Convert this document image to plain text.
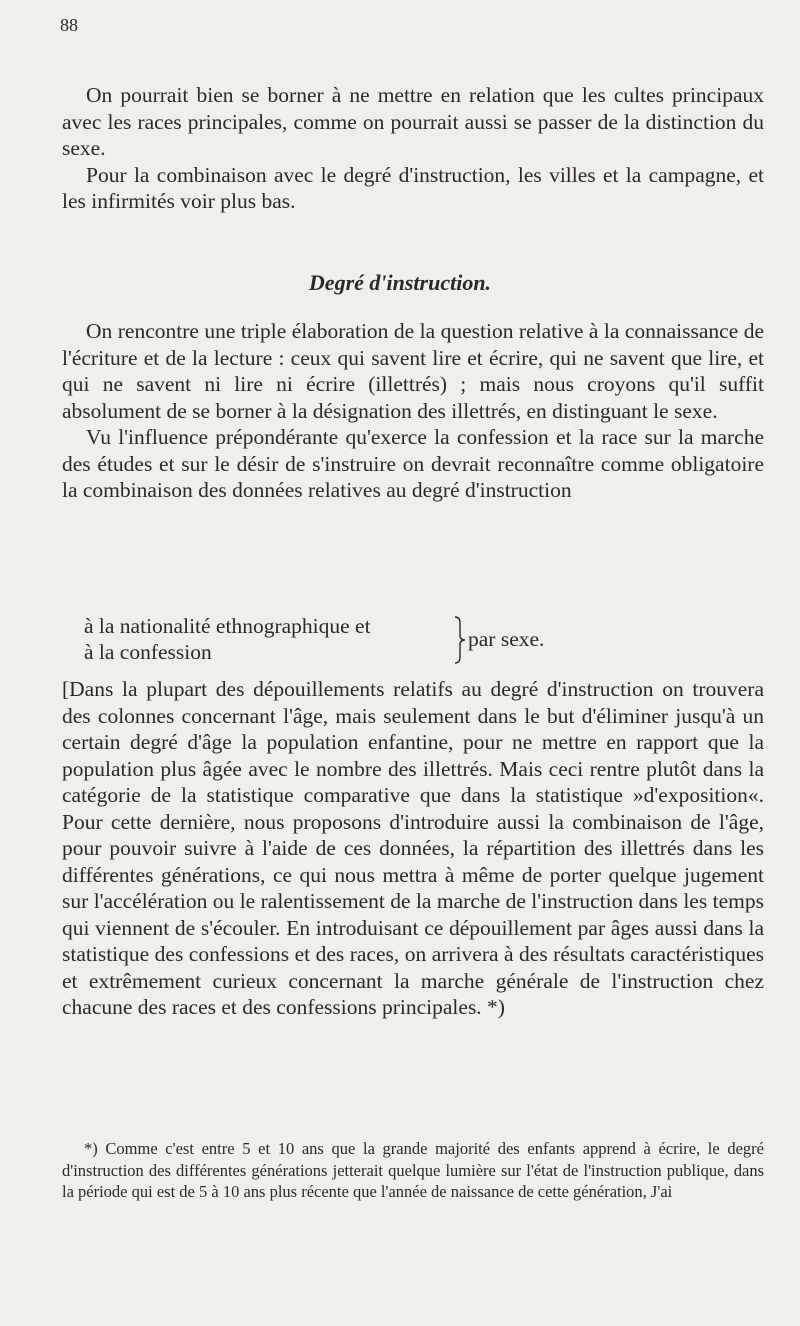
88

On pourrait bien se borner à ne mettre en relation que les cultes principaux avec les races principales, comme on pourrait aussi se passer de la distinction du sexe.

Pour la combinaison avec le degré d'instruction, les villes et la campagne, et les infirmités voir plus bas.

Degré d'instruction.

On rencontre une triple élaboration de la question relative à la connaissance de l'écriture et de la lecture : ceux qui savent lire et écrire, qui ne savent que lire, et qui ne savent ni lire ni écrire (illettrés) ; mais nous croyons qu'il suffit absolument de se borner à la désignation des illettrés, en distinguant le sexe.

Vu l'influence prépondérante qu'exerce la confession et la race sur la marche des études et sur le désir de s'instruire on devrait reconnaître comme obligatoire la combinaison des données relatives au degré d'instruction

à la nationalité ethnographique et
à la confession
par sexe.

[Dans la plupart des dépouillements relatifs au degré d'instruction on trouvera des colonnes concernant l'âge, mais seulement dans le but d'éliminer jusqu'à un certain degré d'âge la population enfantine, pour ne mettre en rapport que la population plus âgée avec le nombre des illettrés. Mais ceci rentre plutôt dans la catégorie de la statistique comparative que dans la statistique »d'exposition«. Pour cette dernière, nous proposons d'introduire aussi la combinaison de l'âge, pour pouvoir suivre à l'aide de ces données, la répartition des illettrés dans les différentes générations, ce qui nous mettra à même de porter quelque jugement sur l'accélération ou le ralentissement de la marche de l'instruction dans les temps qui viennent de s'écouler. En introduisant ce dépouillement par âges aussi dans la statistique des confessions et des races, on arrivera à des résultats caractéristiques et extrêmement curieux concernant la marche générale de l'instruction chez chacune des races et des confessions principales. *)

*) Comme c'est entre 5 et 10 ans que la grande majorité des enfants apprend à écrire, le degré d'instruction des différentes générations jetterait quelque lumière sur l'état de l'instruction publique, dans la période qui est de 5 à 10 ans plus récente que l'année de naissance de cette génération, J'ai
